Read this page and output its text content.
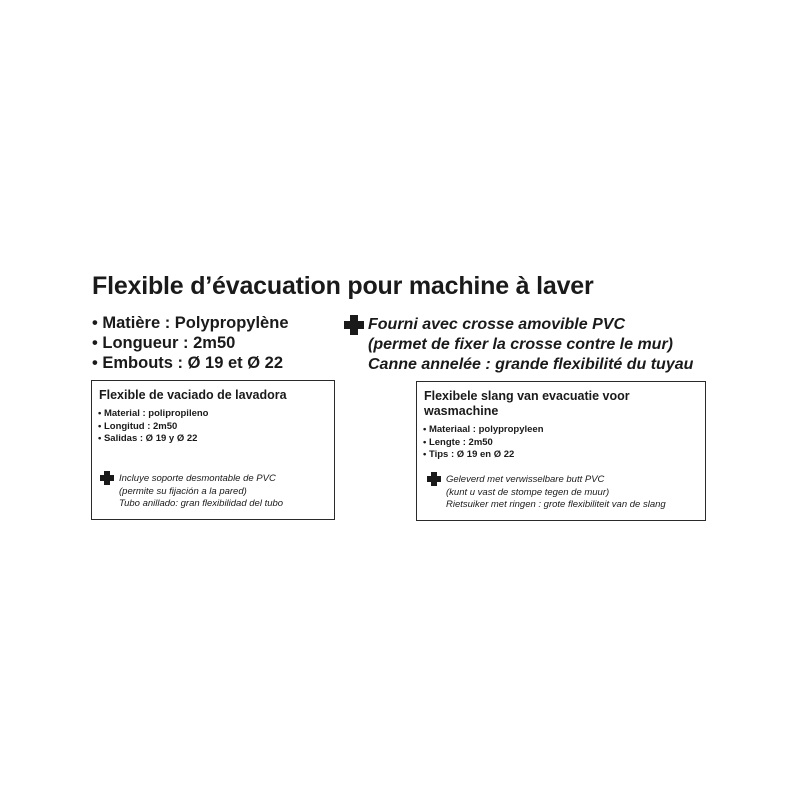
Flexible d’évacuation pour machine à laver
• Matière : Polypropylène
• Longueur : 2m50
• Embouts : Ø 19 et Ø 22
Fourni avec crosse amovible PVC
(permet de fixer la crosse contre le mur)
Canne annelée : grande flexibilité du tuyau
Flexible de vaciado de lavadora
• Material : polipropileno
• Longitud : 2m50
• Salidas : Ø 19 y Ø 22
Incluye soporte desmontable de PVC
(permite su fijación a la pared)
Tubo anillado: gran flexibilidad del tubo
Flexibele slang van evacuatie voor wasmachine
• Materiaal : polypropyleen
• Lengte : 2m50
• Tips : Ø 19 en Ø 22
Geleverd met verwisselbare butt PVC
(kunt u vast de stompe tegen de muur)
Rietsuiker met ringen : grote flexibiliteit van de slang
